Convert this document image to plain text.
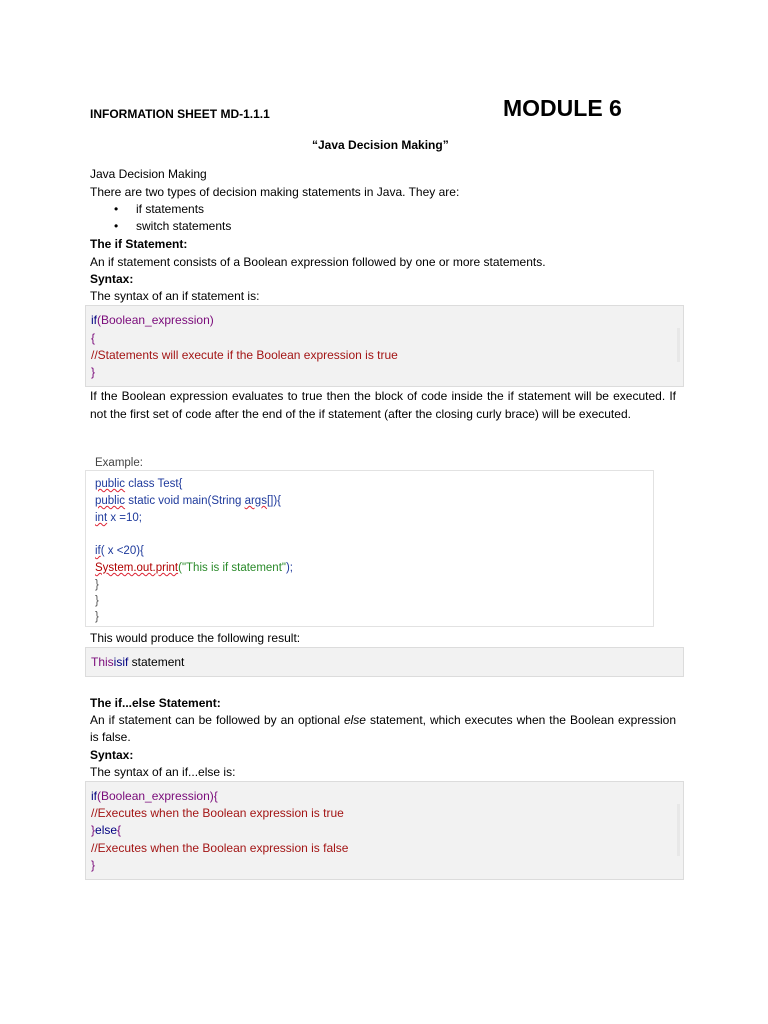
INFORMATION SHEET MD-1.1.1	MODULE 6
“Java Decision Making”
Java Decision Making
There are two types of decision making statements in Java. They are:
• if statements
• switch statements
The if Statement:
An if statement consists of a Boolean expression followed by one or more statements.
Syntax:
The syntax of an if statement is:
if(Boolean_expression)
{
//Statements will execute if the Boolean expression is true
}
If the Boolean expression evaluates to true then the block of code inside the if statement will be executed. If not the first set of code after the end of the if statement (after the closing curly brace) will be executed.
Example:
public class Test{
public static void main(String args[]){
int x =10;
if( x <20){
System.out.print("This is if statement");
}
}
}
This would produce the following result:
Thisisif statement
The if...else Statement:
An if statement can be followed by an optional else statement, which executes when the Boolean expression is false.
Syntax:
The syntax of an if...else is:
if(Boolean_expression){
//Executes when the Boolean expression is true
}else{
//Executes when the Boolean expression is false
}
